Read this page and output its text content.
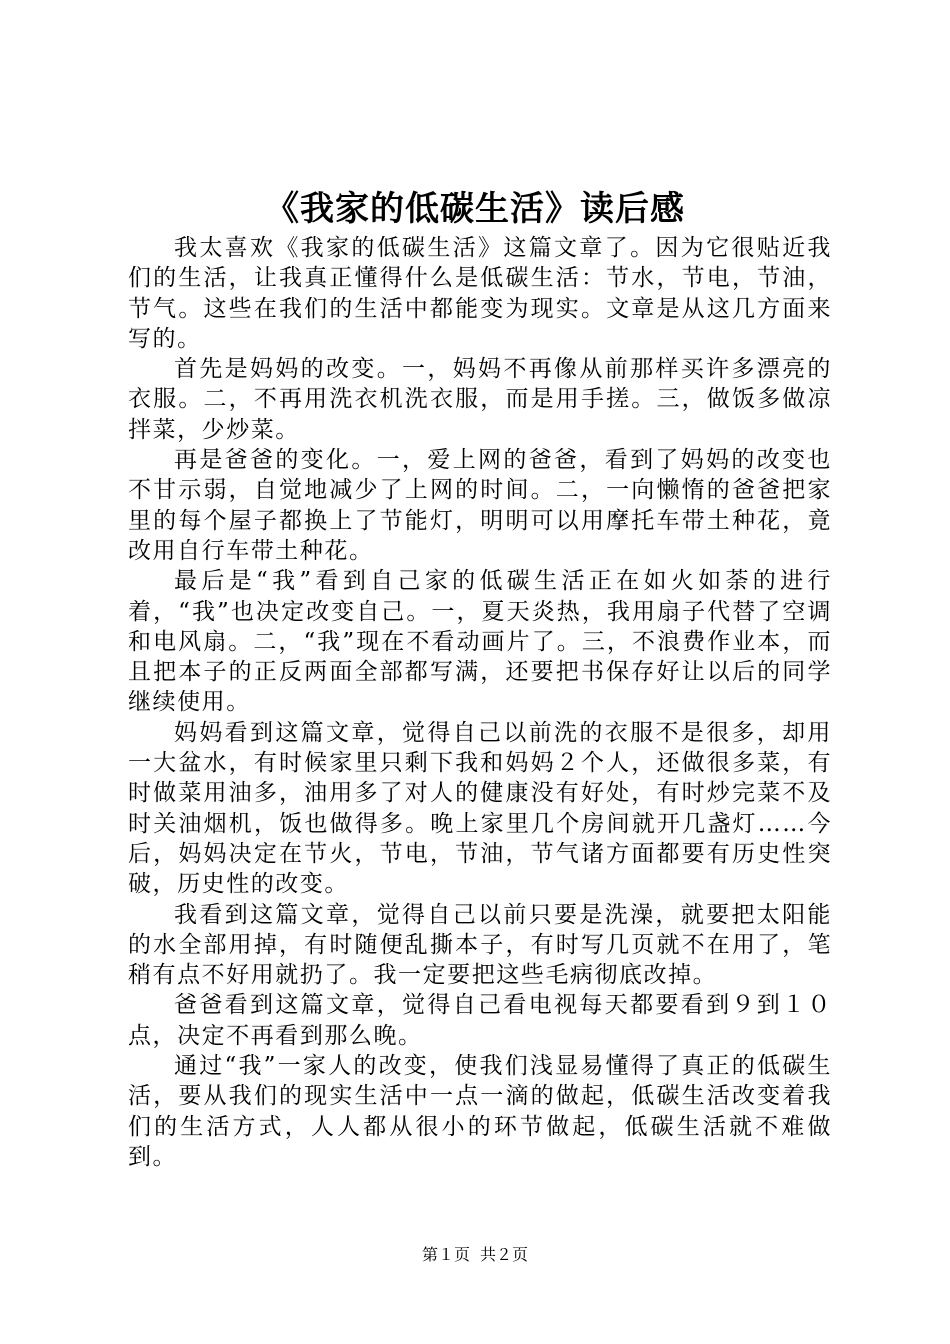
《我家的低碳生活》读后感

我太喜欢《我家的低碳生活》这篇文章了。因为它很贴近我们的生活，让我真正懂得什么是低碳生活：节水，节电，节油，节气。这些在我们的生活中都能变为现实。文章是从这几方面来写的。

首先是妈妈的改变。一，妈妈不再像从前那样买许多漂亮的衣服。二，不再用洗衣机洗衣服，而是用手搓。三，做饭多做凉拌菜，少炒菜。

再是爸爸的变化。一，爱上网的爸爸，看到了妈妈的改变也不甘示弱，自觉地减少了上网的时间。二，一向懒惰的爸爸把家里的每个屋子都换上了节能灯，明明可以用摩托车带土种花，竟改用自行车带土种花。

最后是“我”看到自己家的低碳生活正在如火如荼的进行着，“我”也决定改变自己。一，夏天炎热，我用扇子代替了空调和电风扇。二，“我”现在不看动画片了。三，不浪费作业本，而且把本子的正反两面全部都写满，还要把书保存好让以后的同学继续使用。

妈妈看到这篇文章，觉得自己以前洗的衣服不是很多，却用一大盆水，有时候家里只剩下我和妈妈２个人，还做很多菜，有时做菜用油多，油用多了对人的健康没有好处，有时炒完菜不及时关油烟机，饭也做得多。晚上家里几个房间就开几盏灯……今后，妈妈决定在节火，节电，节油，节气诸方面都要有历史性突破，历史性的改变。

我看到这篇文章，觉得自己以前只要是洗澡，就要把太阳能的水全部用掉，有时随便乱撕本子，有时写几页就不在用了，笔稍有点不好用就扔了。我一定要把这些毛病彻底改掉。

爸爸看到这篇文章，觉得自己看电视每天都要看到９到１０点，决定不再看到那么晚。

通过“我”一家人的改变，使我们浅显易懂得了真正的低碳生活，要从我们的现实生活中一点一滴的做起，低碳生活改变着我们的生活方式，人人都从很小的环节做起，低碳生活就不难做到。

第１页 共２页
